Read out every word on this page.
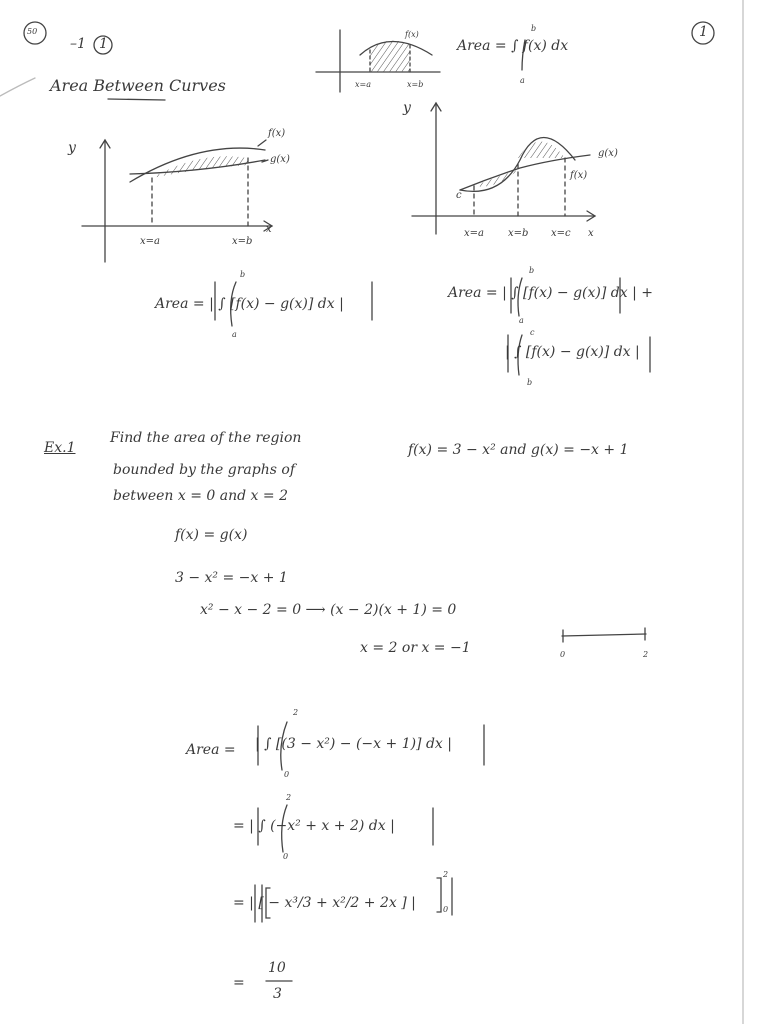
50
–1 1
1
Area Between Curves
f(x)
x=a	x=b
Area = ∫ f(x) dx
a
b
y
f(x)
g(x)
x=a	x=b
x
Area = | ∫ [f(x) − g(x)] dx |
a
b
y
g(x)
f(x)
c
x=a x=b x=c x
Area = | ∫ [f(x) − g(x)] dx | +
a
b
| ∫ [f(x) − g(x)] dx |
b
c
Ex.1
Find the area of the region
bounded by the graphs of
f(x) = 3 − x² and g(x) = −x + 1
between x = 0 and x = 2
f(x) = g(x)
3 − x² = −x + 1
x² − x − 2 = 0 ⟶ (x − 2)(x + 1) = 0
x = 2 or x = −1	0	2
Area = | ∫ [(3 − x²) − (−x + 1)] dx |
0
2
= | ∫ (−x² + x + 2) dx |
0
2
= | [ − x³/3 + x²/2 + 2x ] |	0
2
=
10
3
